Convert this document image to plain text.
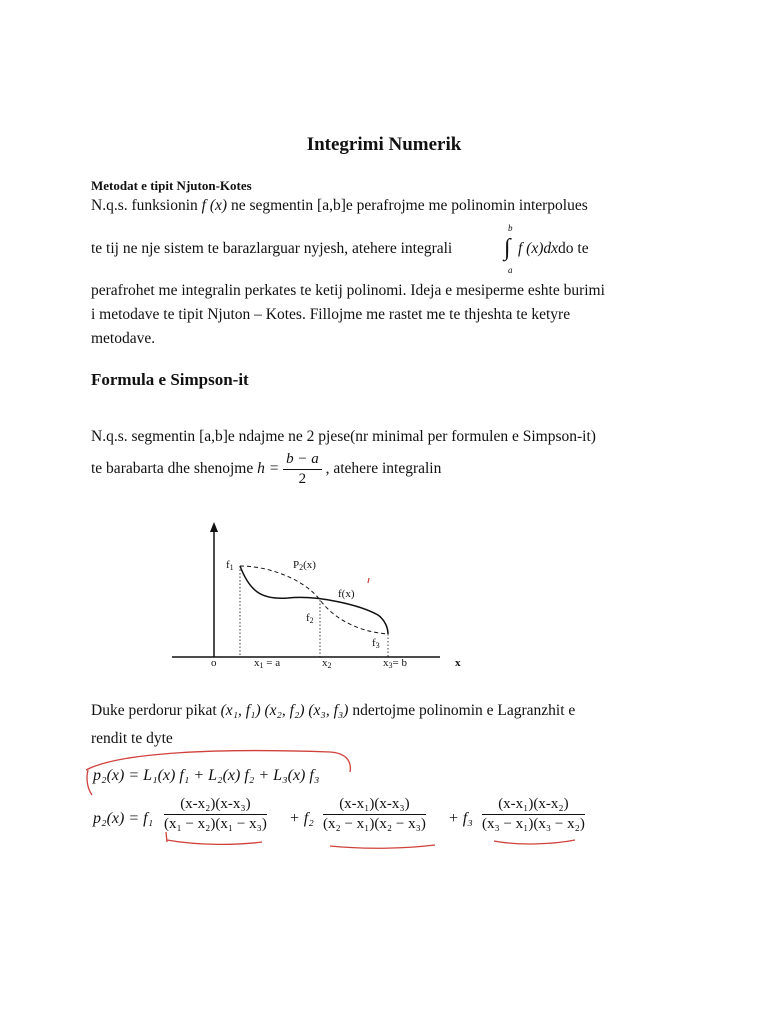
Integrimi Numerik
Metodat e tipit Njuton-Kotes
N.q.s. funksionin f (x) ne segmentin [a,b]e perafrojme me polinomin interpolues
te tij ne nje sistem te barazlarguar nyjesh, atehere integrali
b
∫
a
f (x)dxdo te
perafrohet me integralin perkates te ketij polinomi. Ideja e mesiperme eshte burimi
i metodave te tipit Njuton – Kotes. Fillojme me rastet me te thjeshta te ketyre
metodave.
Formula e Simpson-it
N.q.s. segmentin [a,b]e ndajme ne 2 pjese(nr minimal per formulen e Simpson-it)
te barabarta dhe shenojme $h = \frac{b - a}{2}$ , atehere integralin
$f_1$	$P_2(x)$
f(x)
$f_2$
$f_3$
o	$x_1 = a$	$x_2$	$x_3= b$	x
Duke perdorur pikat (x₁, f₁) (x₂, f₂) (x₃, f₃) ndertojme polinomin e Lagranzhit e
rendit te dyte
p₂(x) = L₁(x) f₁ + L₂(x) f₂ + L₃(x) f₃
$p_2(x) = f_1 \frac{\text{(x-x₂)(x-x₃)}}{\text{(x₁ − x₂)(x₁ − x₃)}} + f_2 \frac{\text{(x-x₁)(x-x₃)}}{\text{(x₂ − x₁)(x₂ − x₃)}} + f_3 \frac{\text{(x-x₁)(x-x₂)}}{\text{(x₃ − x₁)(x₃ − x₂)}}$
